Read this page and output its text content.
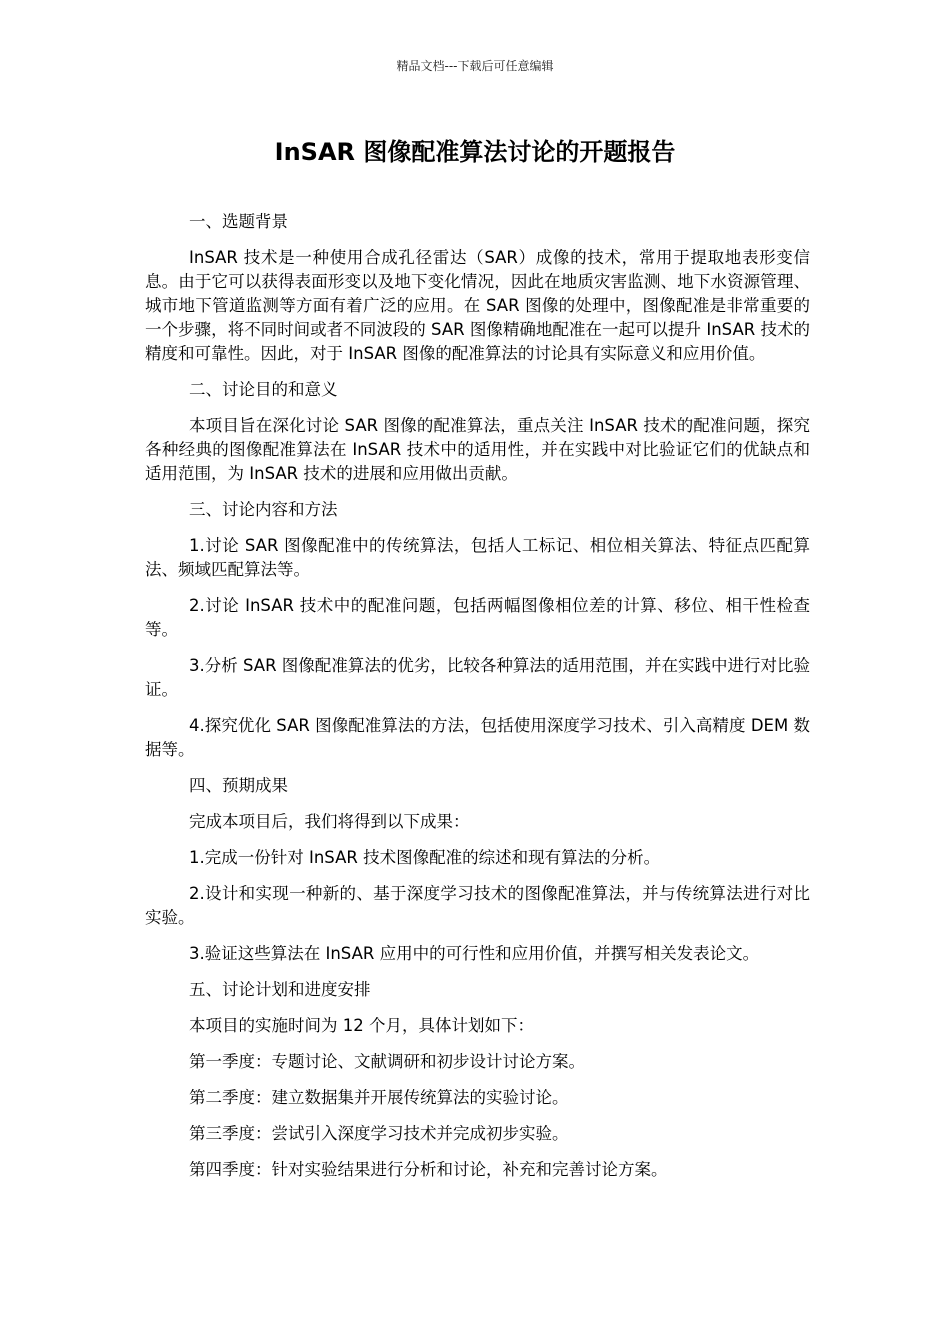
精品文档---下载后可任意编辑
InSAR 图像配准算法讨论的开题报告

一、选题背景

InSAR 技术是一种使用合成孔径雷达（SAR）成像的技术，常用于提取地表形变信息。由于它可以获得表面形变以及地下变化情况，因此在地质灾害监测、地下水资源管理、城市地下管道监测等方面有着广泛的应用。在 SAR 图像的处理中，图像配准是非常重要的一个步骤，将不同时间或者不同波段的 SAR 图像精确地配准在一起可以提升 InSAR 技术的精度和可靠性。因此，对于 InSAR 图像的配准算法的讨论具有实际意义和应用价值。

二、讨论目的和意义

本项目旨在深化讨论 SAR 图像的配准算法，重点关注 InSAR 技术的配准问题，探究各种经典的图像配准算法在 InSAR 技术中的适用性，并在实践中对比验证它们的优缺点和适用范围，为 InSAR 技术的进展和应用做出贡献。

三、讨论内容和方法

1.讨论 SAR 图像配准中的传统算法，包括人工标记、相位相关算法、特征点匹配算法、频域匹配算法等。

2.讨论 InSAR 技术中的配准问题，包括两幅图像相位差的计算、移位、相干性检查等。

3.分析 SAR 图像配准算法的优劣，比较各种算法的适用范围，并在实践中进行对比验证。

4.探究优化 SAR 图像配准算法的方法，包括使用深度学习技术、引入高精度 DEM 数据等。

四、预期成果

完成本项目后，我们将得到以下成果：

1.完成一份针对 InSAR 技术图像配准的综述和现有算法的分析。

2.设计和实现一种新的、基于深度学习技术的图像配准算法，并与传统算法进行对比实验。

3.验证这些算法在 InSAR 应用中的可行性和应用价值，并撰写相关发表论文。

五、讨论计划和进度安排

本项目的实施时间为 12 个月，具体计划如下：

第一季度：专题讨论、文献调研和初步设计讨论方案。

第二季度：建立数据集并开展传统算法的实验讨论。

第三季度：尝试引入深度学习技术并完成初步实验。

第四季度：针对实验结果进行分析和讨论，补充和完善讨论方案。
